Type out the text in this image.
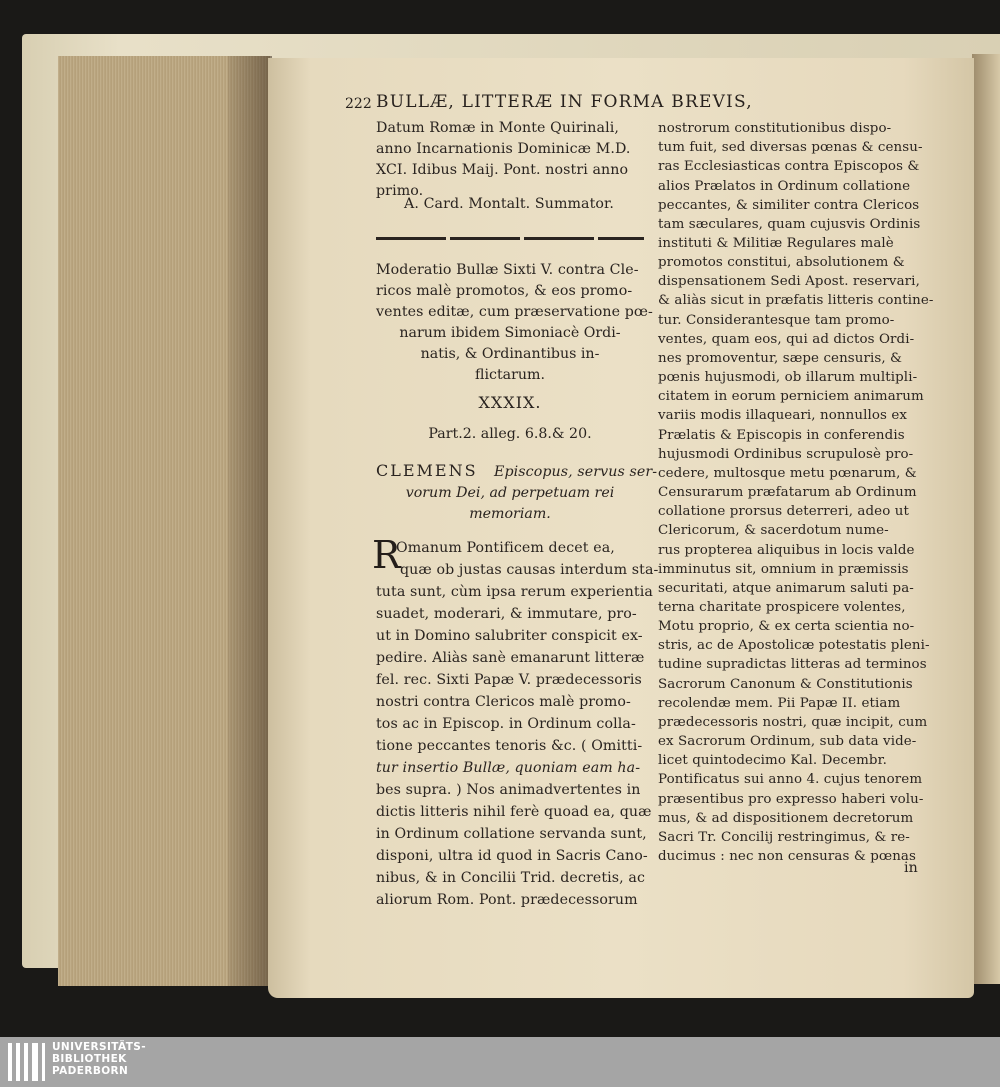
222 BULLÆ, LITTERÆ IN FORMA BREVIS,
Datum Romæ in Monte Quirinali,
anno Incarnationis Dominicæ M.D.
XCI. Idibus Maij. Pont. nostri anno
primo.
A. Card. Montalt. Summator.
Moderatio Bullæ Sixti V. contra Cle-
ricos malè promotos, & eos promo-
ventes editæ, cum præservatione pœ-
narum ibidem Simoniacè Ordi-
natis, & Ordinantibus in-
flictarum.
XXXIX.
Part.2. alleg. 6.8.& 20.
CLEMENS Episcopus, servus ser-
vorum Dei, ad perpetuam rei
memoriam.
R
Omanum Pontificem decet ea,
quæ ob justas causas interdum sta-
tuta sunt, cùm ipsa rerum experientia
suadet, moderari, & immutare, pro-
ut in Domino salubriter conspicit ex-
pedire. Aliàs sanè emanarunt litteræ
fel. rec. Sixti Papæ V. prædecessoris
nostri contra Clericos malè promo-
tos ac in Episcop. in Ordinum colla-
tione peccantes tenoris &c. ( Omitti-
tur insertio Bullæ, quoniam eam ha-
bes supra. ) Nos animadvertentes in
dictis litteris nihil ferè quoad ea, quæ
in Ordinum collatione servanda sunt,
disponi, ultra id quod in Sacris Cano-
nibus, & in Concilii Trid. decretis, ac
aliorum Rom. Pont. prædecessorum
nostrorum constitutionibus dispo-
tum fuit, sed diversas pœnas & censu-
ras Ecclesiasticas contra Episcopos &
alios Prælatos in Ordinum collatione
peccantes, & similiter contra Clericos
tam sæculares, quam cujusvis Ordinis
instituti & Militiæ Regulares malè
promotos constitui, absolutionem &
dispensationem Sedi Apost. reservari,
& aliàs sicut in præfatis litteris contine-
tur. Considerantesque tam promo-
ventes, quam eos, qui ad dictos Ordi-
nes promoventur, sæpe censuris, &
pœnis hujusmodi, ob illarum multipli-
citatem in eorum perniciem animarum
variis modis illaqueari, nonnullos ex
Prælatis & Episcopis in conferendis
hujusmodi Ordinibus scrupulosè pro-
cedere, multosque metu pœnarum, &
Censurarum præfatarum ab Ordinum
collatione prorsus deterreri, adeo ut
Clericorum, & sacerdotum nume-
rus propterea aliquibus in locis valde
imminutus sit, omnium in præmissis
securitati, atque animarum saluti pa-
terna charitate prospicere volentes,
Motu proprio, & ex certa scientia no-
stris, ac de Apostolicæ potestatis pleni-
tudine supradictas litteras ad terminos
Sacrorum Canonum & Constitutionis
recolendæ mem. Pii Papæ II. etiam
prædecessoris nostri, quæ incipit, cum
ex Sacrorum Ordinum, sub data vide-
licet quintodecimo Kal. Decembr.
Pontificatus sui anno 4. cujus tenorem
præsentibus pro expresso haberi volu-
mus, & ad dispositionem decretorum
Sacri Tr. Concilij restringimus, & re-
ducimus : nec non censuras & pœnas
in
UNIVERSITÄTS-
BIBLIOTHEK
PADERBORN
